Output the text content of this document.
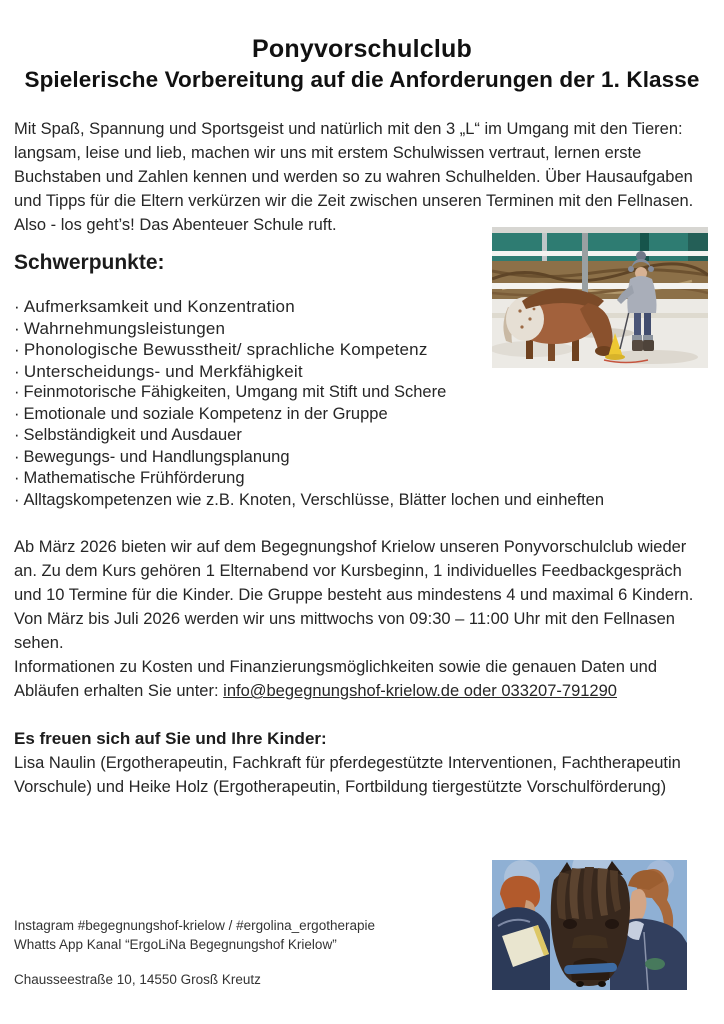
Ponyvorschulclub
Spielerische Vorbereitung auf die Anforderungen der 1. Klasse

Mit Spaß, Spannung und Sportsgeist und natürlich mit den 3 „L“ im Umgang mit den Tieren: langsam, leise und lieb, machen wir uns mit erstem Schulwissen vertraut, lernen erste Buchstaben und Zahlen kennen und werden so zu wahren Schulhelden. Über Hausaufgaben und Tipps für die Eltern verkürzen wir die Zeit zwischen unseren Terminen mit den Fellnasen.

Also - los geht’s! Das Abenteuer Schule ruft.

Schwerpunkte:
· Aufmerksamkeit und Konzentration
· Wahrnehmungsleistungen
· Phonologische Bewusstheit/ sprachliche Kompetenz
· Unterscheidungs- und Merkfähigkeit
· Feinmotorische Fähigkeiten, Umgang mit Stift und Schere
· Emotionale und soziale Kompetenz in der Gruppe
· Selbständigkeit und Ausdauer
· Bewegungs- und Handlungsplanung
· Mathematische Frühförderung
· Alltagskompetenzen wie z.B. Knoten, Verschlüsse, Blätter lochen und einheften

Ab März 2026 bieten wir auf dem Begegnungshof Krielow unseren Ponyvorschulclub wieder an. Zu dem Kurs gehören 1 Elternabend vor Kursbeginn, 1 individuelles Feedbackgespräch und 10 Termine für die Kinder. Die Gruppe besteht aus mindestens 4 und maximal 6 Kindern. Von März bis Juli 2026 werden wir uns mittwochs von 09:30 – 11:00 Uhr mit den Fellnasen sehen.

Informationen zu Kosten und Finanzierungsmöglichkeiten sowie die genauen Daten und Abläufen erhalten Sie unter: info@begegnungshof-krielow.de oder 033207-791290

Es freuen sich auf Sie und Ihre Kinder:

Lisa Naulin (Ergotherapeutin, Fachkraft für pferdegestützte Interventionen, Fachtherapeutin Vorschule) und Heike Holz (Ergotherapeutin, Fortbildung tiergestützte Vorschulförderung)

Instagram #begegnungshof-krielow / #ergolina_ergotherapie

Whatts App Kanal “ErgoLiNa Begegnungshof Krielow”

Chausseestraße 10, 14550 Grosß Kreutz
